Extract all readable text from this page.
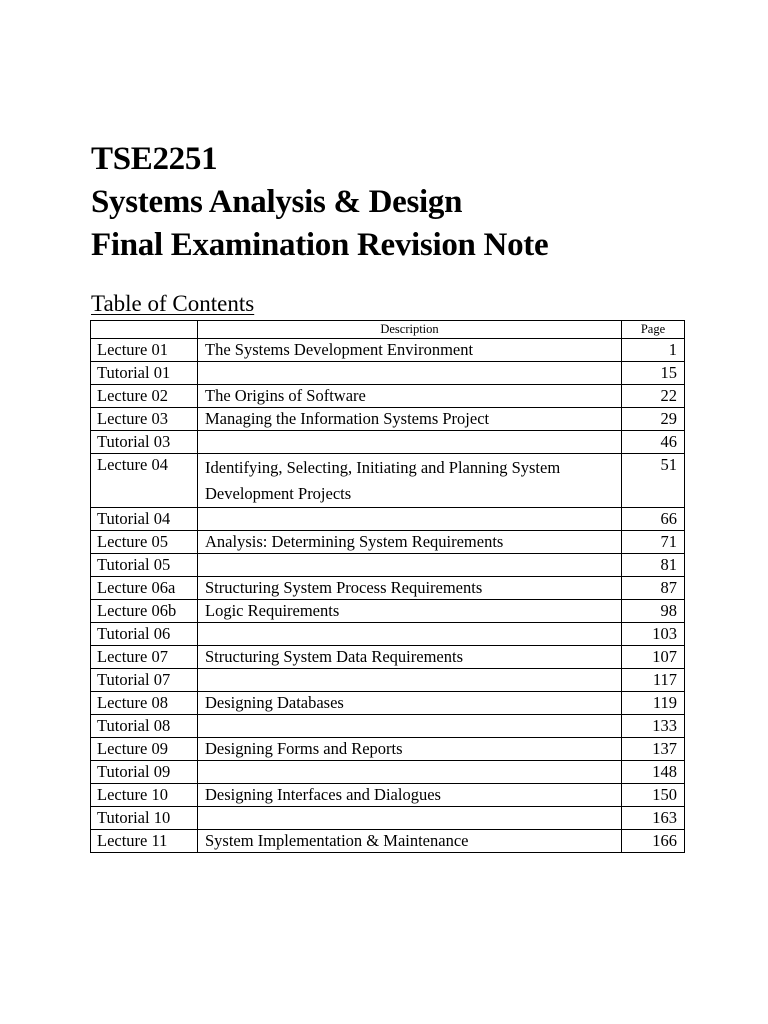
TSE2251
Systems Analysis & Design
Final Examination Revision Note
Table of Contents
	Description	Page
Lecture 01	The Systems Development Environment	1
Tutorial 01		15
Lecture 02	The Origins of Software	22
Lecture 03	Managing the Information Systems Project	29
Tutorial 03		46
Lecture 04	Identifying, Selecting, Initiating and Planning System Development Projects	51
Tutorial 04		66
Lecture 05	Analysis: Determining System Requirements	71
Tutorial 05		81
Lecture 06a	Structuring System Process Requirements	87
Lecture 06b	Logic Requirements	98
Tutorial 06		103
Lecture 07	Structuring System Data Requirements	107
Tutorial 07		117
Lecture 08	Designing Databases	119
Tutorial 08		133
Lecture 09	Designing Forms and Reports	137
Tutorial 09		148
Lecture 10	Designing Interfaces and Dialogues	150
Tutorial 10		163
Lecture 11	System Implementation & Maintenance	166
